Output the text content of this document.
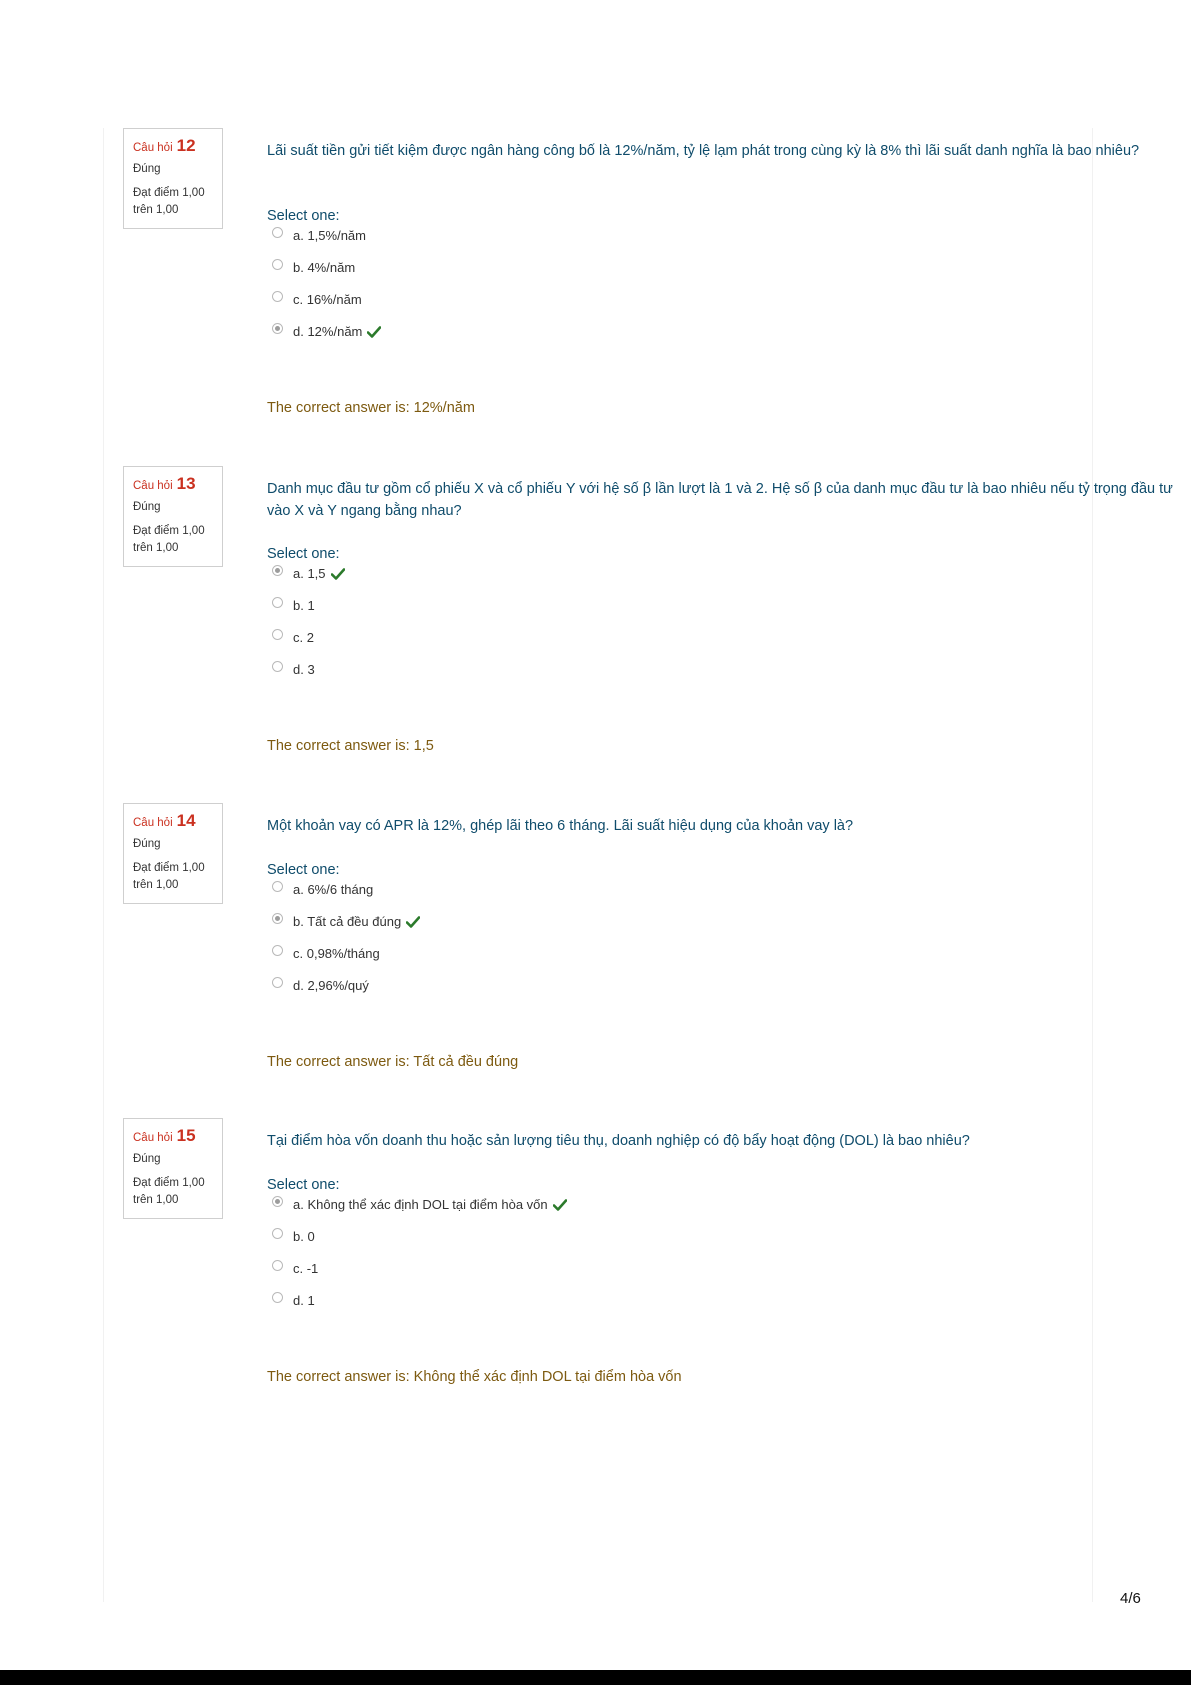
Câu hỏi 12
Đúng
Đạt điểm 1,00
trên 1,00
Lãi suất tiền gửi tiết kiệm được ngân hàng công bố là 12%/năm, tỷ lệ lạm phát trong cùng kỳ là 8% thì lãi suất danh nghĩa là bao nhiêu?
Select one:
a. 1,5%/năm
b. 4%/năm
c. 16%/năm
d. 12%/năm
The correct answer is: 12%/năm
Câu hỏi 13
Đúng
Đạt điểm 1,00
trên 1,00
Danh mục đầu tư gồm cổ phiếu X và cổ phiếu Y với hệ số β lần lượt là 1 và 2. Hệ số β của danh mục đầu tư là bao nhiêu nếu tỷ trọng đầu tư vào X và Y ngang bằng nhau?
Select one:
a. 1,5
b. 1
c. 2
d. 3
The correct answer is: 1,5
Câu hỏi 14
Đúng
Đạt điểm 1,00
trên 1,00
Một khoản vay có APR là 12%, ghép lãi theo 6 tháng. Lãi suất hiệu dụng của khoản vay là?
Select one:
a. 6%/6 tháng
b. Tất cả đều đúng
c. 0,98%/tháng
d. 2,96%/quý
The correct answer is: Tất cả đều đúng
Câu hỏi 15
Đúng
Đạt điểm 1,00
trên 1,00
Tại điểm hòa vốn doanh thu hoặc sản lượng tiêu thụ, doanh nghiệp có độ bẩy hoạt động (DOL) là bao nhiêu?
Select one:
a. Không thể xác định DOL tại điểm hòa vốn
b. 0
c. -1
d. 1
The correct answer is: Không thể xác định DOL tại điểm hòa vốn
4/6
